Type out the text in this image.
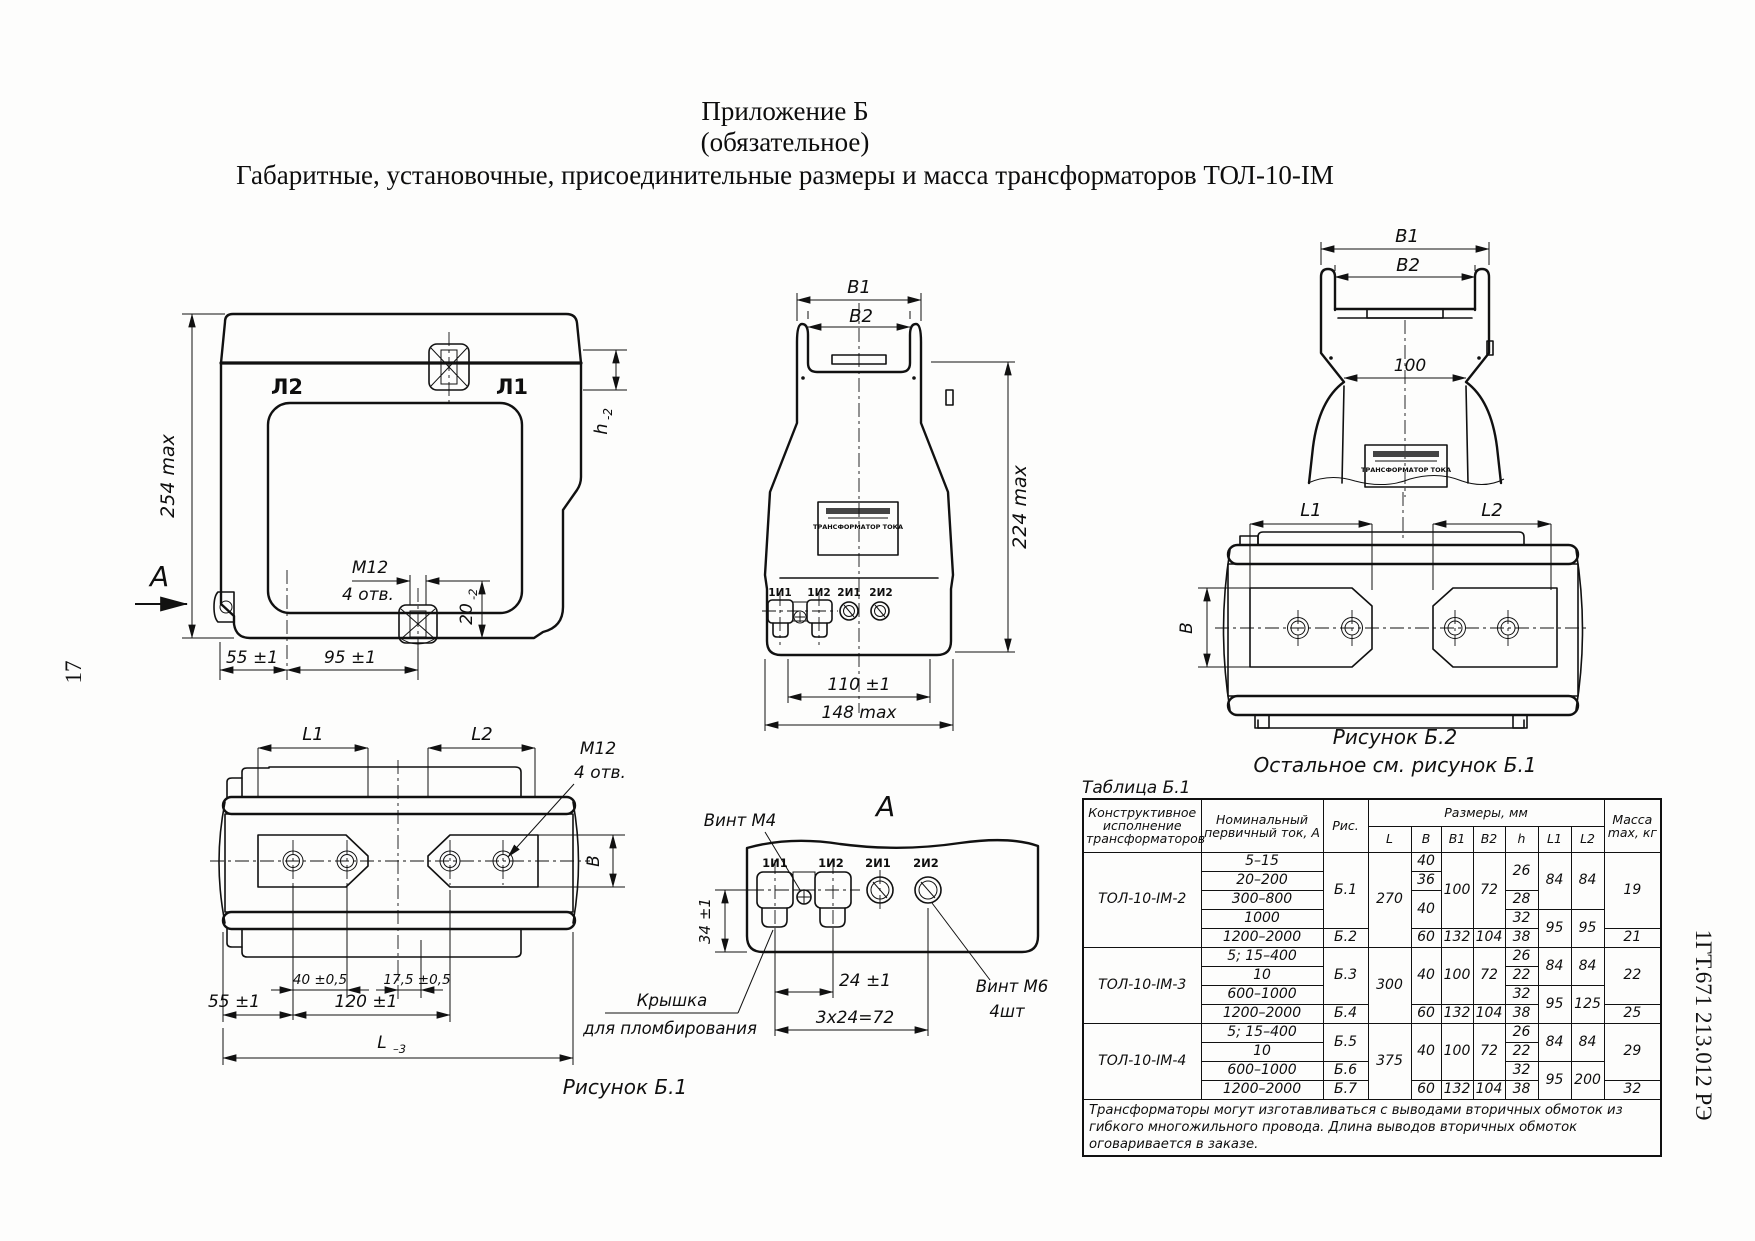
Приложение Б
(обязательное)
Габаритные, установочные, присоединительные размеры и масса трансформаторов ТОЛ-10-IМ
17
1ГТ.671 213.012 РЭ
Л2	Л1
254 max
А
h
-2
М12
4 отв.
20
-2
55 ±1	95 ±1
ТРАНСФОРМАТОР ТОКА
1И1 1И2 2И1 2И2
В1
В2
224 max
110 ±1
148 max
ТРАНСФОРМАТОР ТОКА
В1
В2
100
L1	L2
В
Рисунок Б.2
Остальное см. рисунок Б.1
L1	L2
М12
4 отв.
В
40 ±0,5	17,5 ±0,5
55 ±1	120 ±1
L –3
Рисунок Б.1
А
Винт М4
1И1	1И2 2И1 2И2
34 ±1
24 ±1
3х24=72
Винт М6
4шт
Крышка
для пломбирования
Таблица Б.1
Конструктивное исполнение трансформаторов	Номинальный первичный ток, А	Рис.	Размеры, мм							Масса max, кг
			L	В	В1	В2	h	L1	L2	
ТОЛ-10-IМ-2	5–15	Б.1	270	40	100	72	26	84	84	19
	20–200			36						
	300–800			40			28			
	1000						32	95	95	
	1200–2000	Б.2		60	132	104	38			21
ТОЛ-10-IМ-3	5; 15–400	Б.3	300	40	100	72	26	84	84	22
	10						22			
	600–1000						32	95	125	
	1200–2000	Б.4		60	132	104	38			25
ТОЛ-10-IМ-4	5; 15–400	Б.5	375	40	100	72	26	84	84	29
	10						22			
	600–1000	Б.6					32	95	200	
	1200–2000	Б.7		60	132	104	38			32
Трансформаторы могут изготавливаться с выводами вторичных обмоток из гибкого многожильного провода. Длина выводов вторичных обмоток оговаривается в заказе.										
